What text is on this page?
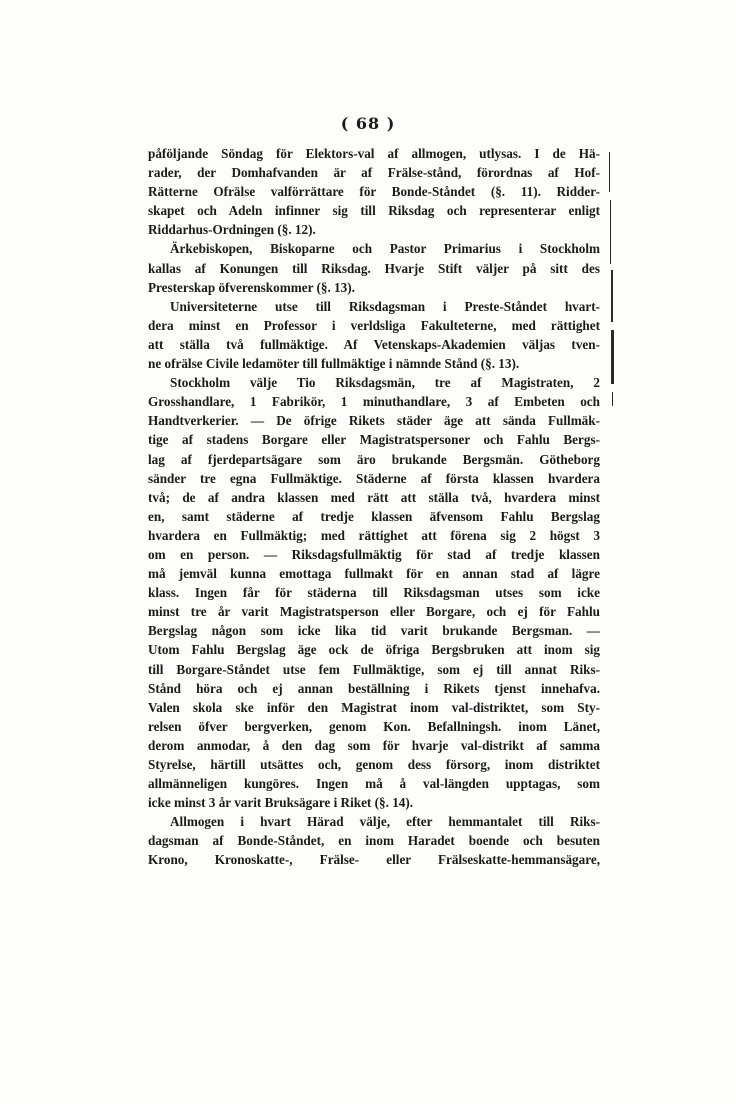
( 68 )
påföljande Söndag för Elektors-val af allmogen, utlysas. I de Hä-
rader, der Domhafvanden är af Frälse-stånd, förordnas af Hof-
Rätterne Ofrälse valförrättare för Bonde-Ståndet (§. 11). Ridder-
skapet och Adeln infinner sig till Riksdag och representerar enligt
Riddarhus-Ordningen (§. 12).
Ärkebiskopen, Biskoparne och Pastor Primarius i Stockholm
kallas af Konungen till Riksdag. Hvarje Stift väljer på sitt des
Presterskap öfverenskommer (§. 13).
Universiteterne utse till Riksdagsman i Preste-Ståndet hvart-
dera minst en Professor i verldsliga Fakulteterne, med rättighet
att ställa två fullmäktige. Af Vetenskaps-Akademien väljas tven-
ne ofrälse Civile ledamöter till fullmäktige i nämnde Stånd (§. 13).
Stockholm välje Tio Riksdagsmän, tre af Magistraten, 2
Grosshandlare, 1 Fabrikör, 1 minuthandlare, 3 af Embeten och
Handtverkerier. — De öfrige Rikets städer äge att sända Fullmäk-
tige af stadens Borgare eller Magistratspersoner och Fahlu Bergs-
lag af fjerdepartsägare som äro brukande Bergsmän. Götheborg
sänder tre egna Fullmäktige. Städerne af första klassen hvardera
två; de af andra klassen med rätt att ställa två, hvardera minst
en, samt städerne af tredje klassen äfvensom Fahlu Bergslag
hvardera en Fullmäktig; med rättighet att förena sig 2 högst 3
om en person. — Riksdagsfullmäktig för stad af tredje klassen
må jemväl kunna emottaga fullmakt för en annan stad af lägre
klass. Ingen får för städerna till Riksdagsman utses som icke
minst tre år varit Magistratsperson eller Borgare, och ej för Fahlu
Bergslag någon som icke lika tid varit brukande Bergsman. —
Utom Fahlu Bergslag äge ock de öfriga Bergsbruken att inom sig
till Borgare-Ståndet utse fem Fullmäktige, som ej till annat Riks-
Stånd höra och ej annan beställning i Rikets tjenst innehafva.
Valen skola ske inför den Magistrat inom val-distriktet, som Sty-
relsen öfver bergverken, genom Kon. Befallningsh. inom Länet,
derom anmodar, å den dag som för hvarje val-distrikt af samma
Styrelse, härtill utsättes och, genom dess försorg, inom distriktet
allmänneligen kungöres. Ingen må å val-längden upptagas, som
icke minst 3 år varit Bruksägare i Riket (§. 14).
Allmogen i hvart Härad välje, efter hemmantalet till Riks-
dagsman af Bonde-Ståndet, en inom Haradet boende och besuten
Krono, Kronoskatte-, Frälse- eller Frälseskatte-hemmansägare,
